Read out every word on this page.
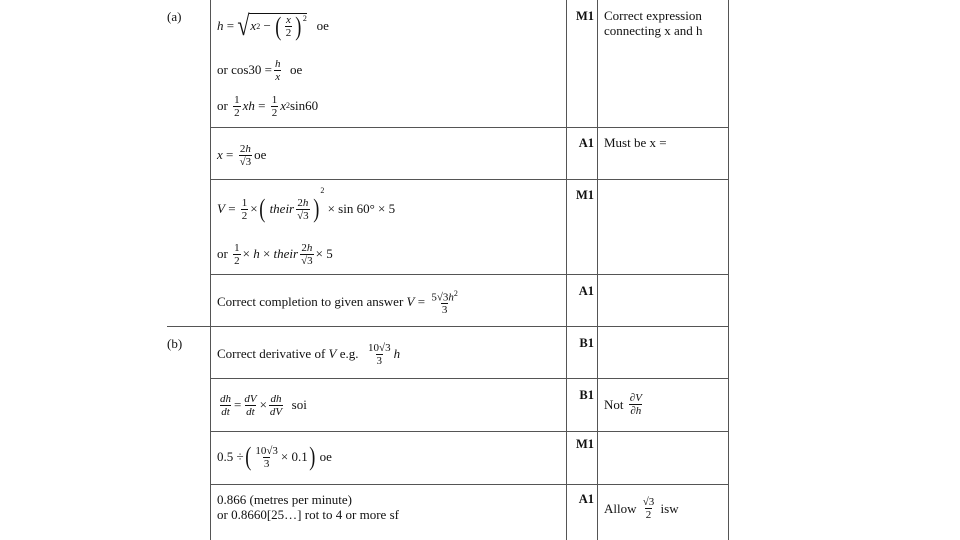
(a)
(b)
h = √ x 2 − ( $\frac{x}{2} )^2$
oe
or $\cos 30 = \frac{h}{x}$
oe
or
$\frac{1}{2}$ xh = $\frac{1}{2}$ x 2 sin60
M1 Correct expression connecting x and h
$x = \frac{2h}{√3}$ oe
A1 Must be x =
$V = \frac{1}{2}$ × (
their $\frac{2h}{√3}$ )
2

× sin 60° × 5
or
$\frac{1}{2} \times h$ × their $\frac{2h}{√3} \times 5$
M1
Correct completion to given answer
$V = \frac{5√3h^2}{3}$	A1
Correct derivative of
V
e.g.
$\frac{10√3}{3}$ h
B1
$\frac{dh}{dt} = \frac{dV}{dt} \times \frac{dh}{dV}$
soi
B1
Not
$\frac{\partial V}{\partial h}$
0.5 ÷ ( $\frac{10√3}{3} \times 0.1$ )
oe
M1
0.866 (metres per minute)
or 0.8660[25…] rot to 4 or more sf
A1
Allow
$\frac{√3}{2}$
isw
